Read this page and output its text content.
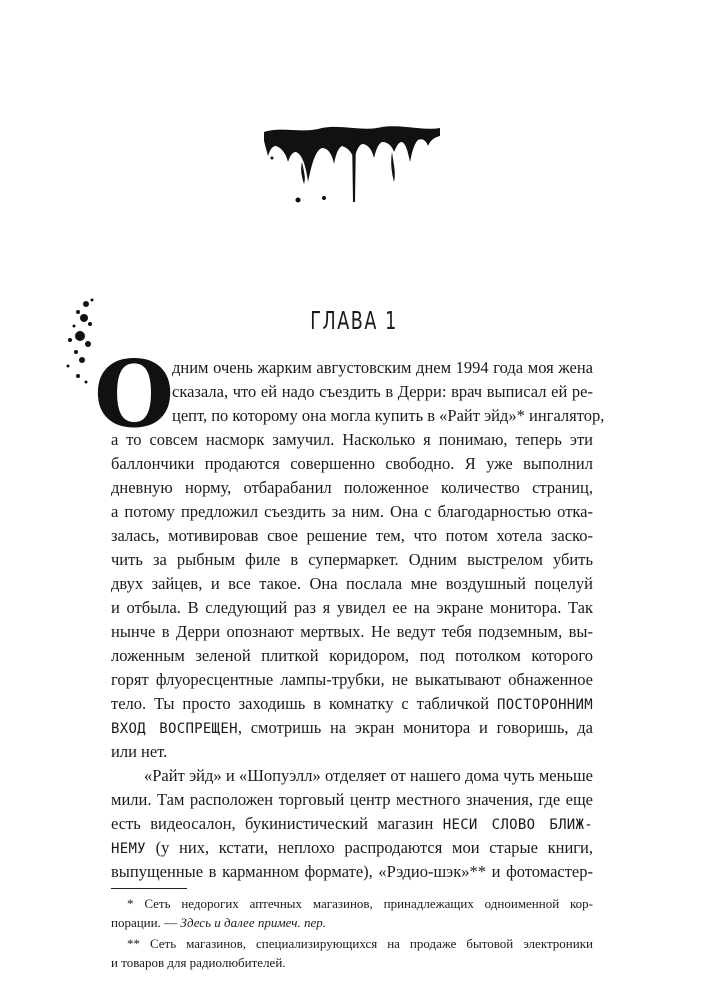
ГЛАВА 1
О
дним очень жарким августовским днем 1994 года моя жена
сказала, что ей надо съездить в Дерри: врач выписал ей ре-
цепт, по которому она могла купить в «Райт эйд»* ингалятор,
а то совсем насморк замучил. Насколько я понимаю, теперь эти
баллончики продаются совершенно свободно. Я уже выполнил
дневную норму, отбарабанил положенное количество страниц,
а потому предложил съездить за ним. Она с благодарностью отка-
залась, мотивировав свое решение тем, что потом хотела заско-
чить за рыбным филе в супермаркет. Одним выстрелом убить
двух зайцев, и все такое. Она послала мне воздушный поцелуй
и отбыла. В следующий раз я увидел ее на экране монитора. Так
нынче в Дерри опознают мертвых. Не ведут тебя подземным, вы-
ложенным зеленой плиткой коридором, под потолком которого
горят флуоресцентные лампы-трубки, не выкатывают обнаженное
тело. Ты просто заходишь в комнатку с табличкой ПОСТОРОННИМ
ВХОД ВОСПРЕЩЕН, смотришь на экран монитора и говоришь, да
или нет.
«Райт эйд» и «Шопуэлл» отделяет от нашего дома чуть меньше
мили. Там расположен торговый центр местного значения, где еще
есть видеосалон, букинистический магазин НЕСИ СЛОВО БЛИЖ-
НЕМУ (у них, кстати, неплохо распродаются мои старые книги,
выпущенные в карманном формате), «Рэдио-шэк»** и фотомастер-
* Сеть недорогих аптечных магазинов, принадлежащих одноименной кор-
порации. — Здесь и далее примеч. пер.
** Сеть магазинов, специализирующихся на продаже бытовой электроники
и товаров для радиолюбителей.
